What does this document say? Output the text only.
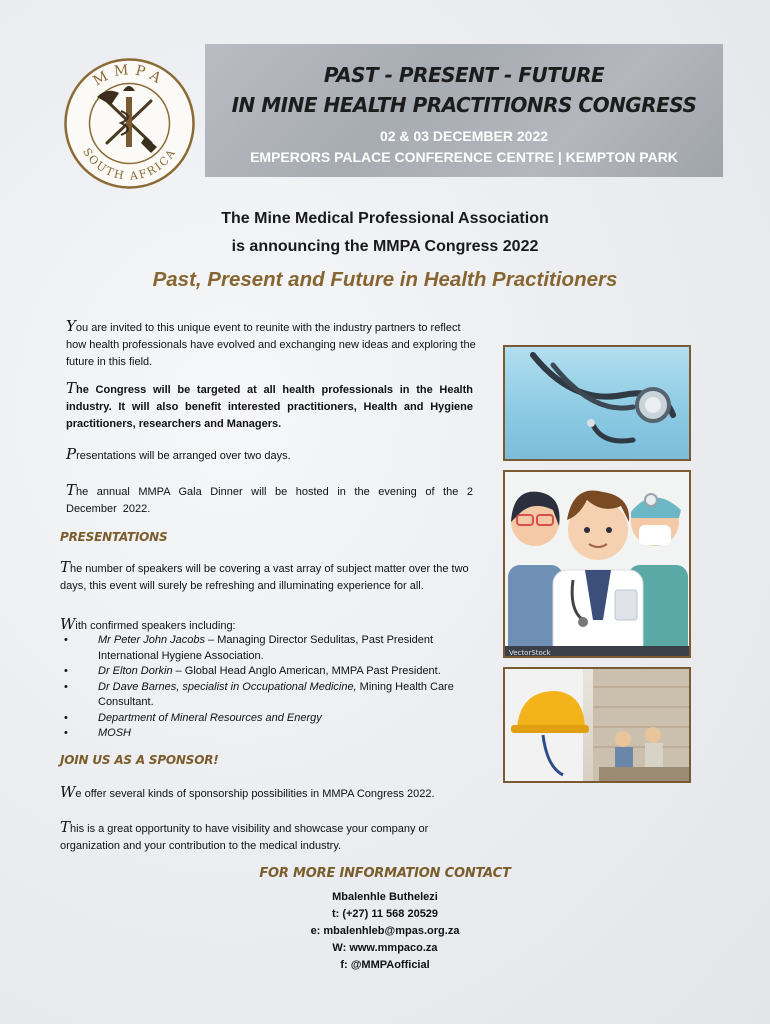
MMPA
SOUTH AFRICA
PAST - PRESENT - FUTURE
IN MINE HEALTH PRACTITIONRS CONGRESS
02 & 03 DECEMBER 2022
EMPERORS PALACE CONFERENCE CENTRE | KEMPTON PARK
The Mine Medical Professional Association
is announcing the MMPA Congress 2022
Past, Present and Future in Health Practitioners
You are invited to this unique event to reunite with the industry partners to reflect how health professionals have evolved and exchanging new ideas and exploring the future in this field.
The Congress will be targeted at all health professionals in the Health industry. It will also benefit interested practitioners, Health and Hygiene practitioners, researchers and Managers.
Presentations will be arranged over two days.
The annual MMPA Gala Dinner will be hosted in the evening of the 2 December 2022.
PRESENTATIONS
The number of speakers will be covering a vast array of subject matter over the two days, this event will surely be refreshing and illuminating experience for all.
With confirmed speakers including:
• Mr Peter John Jacobs – Managing Director Sedulitas, Past President International Hygiene Association.
• Dr Elton Dorkin – Global Head Anglo American, MMPA Past President.
• Dr Dave Barnes, specialist in Occupational Medicine, Mining Health Care Consultant.
• Department of Mineral Resources and Energy
• MOSH
JOIN US AS A SPONSOR!
We offer several kinds of sponsorship possibilities in MMPA Congress 2022.
This is a great opportunity to have visibility and showcase your company or organization and your contribution to the medical industry.
FOR MORE INFORMATION CONTACT
Mbalenhle Buthelezi
t: (+27) 11 568 20529
e: mbalenhleb@mpas.org.za
W: www.mmpaco.za
f: @MMPAofficial
VectorStock
